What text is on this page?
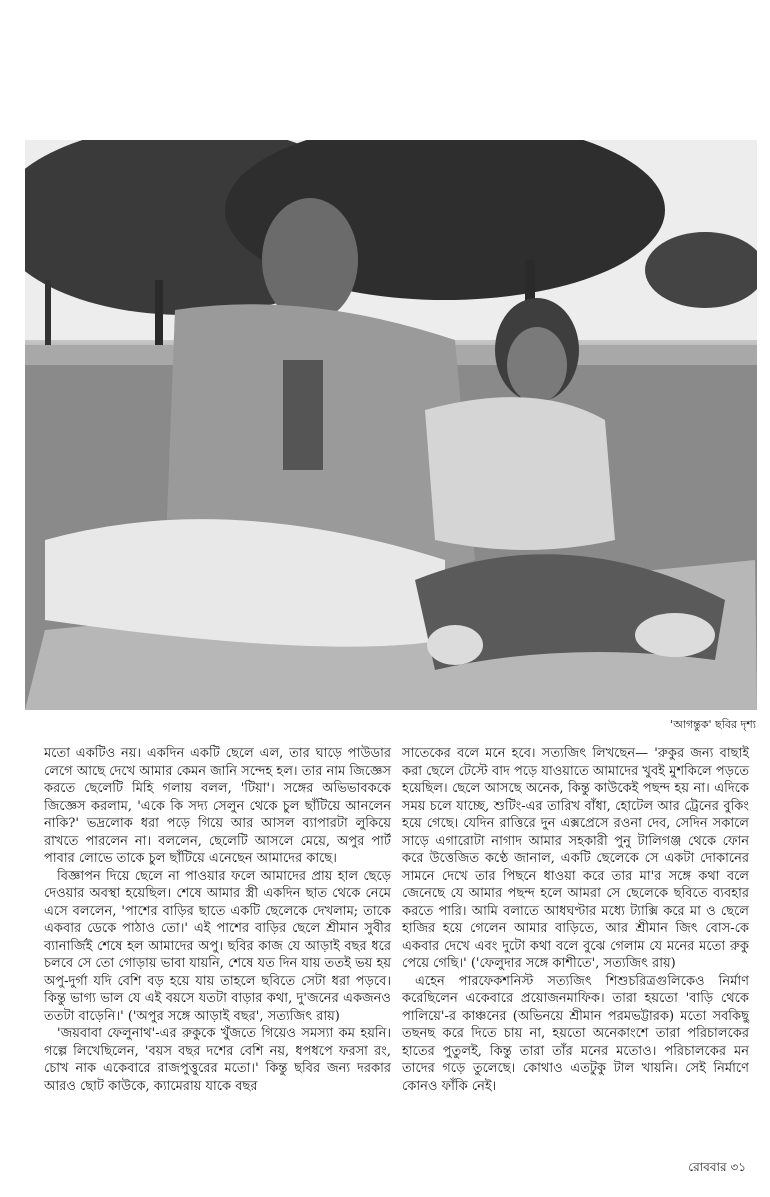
'আগন্তুক' ছবির দৃশ্য

মতো একটিও নয়। একদিন একটি ছেলে এল, তার ঘাড়ে পাউডার লেগে আছে দেখে আমার কেমন জানি সন্দেহ হল। তার নাম জিজ্ঞেস করতে ছেলেটি মিহি গলায় বলল, 'টিয়া'। সঙ্গের অভিভাবককে জিজ্ঞেস করলাম, 'একে কি সদ্য সেলুন থেকে চুল ছাঁটিয়ে আনলেন নাকি?' ভদ্রলোক ধরা পড়ে গিয়ে আর আসল ব্যাপারটা লুকিয়ে রাখতে পারলেন না। বললেন, ছেলেটি আসলে মেয়ে, অপুর পার্ট পাবার লোভে তাকে চুল ছাঁটিয়ে এনেছেন আমাদের কাছে।

বিজ্ঞাপন দিয়ে ছেলে না পাওয়ার ফলে আমাদের প্রায় হাল ছেড়ে দেওয়ার অবস্থা হয়েছিল। শেষে আমার স্ত্রী একদিন ছাত থেকে নেমে এসে বললেন, 'পাশের বাড়ির ছাতে একটি ছেলেকে দেখলাম; তাকে একবার ডেকে পাঠাও তো।' এই পাশের বাড়ির ছেলে শ্রীমান সুবীর ব্যানার্জিই শেষে হল আমাদের অপু। ছবির কাজ যে আড়াই বছর ধরে চলবে সে তো গোড়ায় ভাবা যায়নি, শেষে যত দিন যায় ততই ভয় হয় অপু-দুর্গা যদি বেশি বড় হয়ে যায় তাহলে ছবিতে সেটা ধরা পড়বে। কিন্তু ভাগ্য ভাল যে এই বয়সে যতটা বাড়ার কথা, দু'জনের একজনও ততটা বাড়েনি।' ('অপুর সঙ্গে আড়াই বছর', সত্যজিৎ রায়)

'জয়বাবা ফেলুনাথ'-এর রুকুকে খুঁজতে গিয়েও সমস্যা কম হয়নি। গল্পে লিখেছিলেন, 'বয়স বছর দশের বেশি নয়, ধপধপে ফরসা রং, চোখ নাক একেবারে রাজপুত্তুরের মতো।' কিন্তু ছবির জন্য দরকার আরও ছোট কাউকে, ক্যামেরায় যাকে বছর

সাতেকের বলে মনে হবে। সত্যজিৎ লিখছেন— 'রুকুর জন্য বাছাই করা ছেলে টেস্টে বাদ পড়ে যাওয়াতে আমাদের খুবই মুশকিলে পড়তে হয়েছিল। ছেলে আসছে অনেক, কিন্তু কাউকেই পছন্দ হয় না। এদিকে সময় চলে যাচ্ছে, শুটিং-এর তারিখ বাঁধা, হোটেল আর ট্রেনের বুকিং হয়ে গেছে। যেদিন রাত্তিরে দুন এক্সপ্রেসে রওনা দেব, সেদিন সকালে সাড়ে এগারোটা নাগাদ আমার সহকারী পুনু টালিগঞ্জ থেকে ফোন করে উত্তেজিত কণ্ঠে জানাল, একটি ছেলেকে সে একটা দোকানের সামনে দেখে তার পিছনে ধাওয়া করে তার মা'র সঙ্গে কথা বলে জেনেছে যে আমার পছন্দ হলে আমরা সে ছেলেকে ছবিতে ব্যবহার করতে পারি। আমি বলাতে আধঘণ্টার মধ্যে ট্যাক্সি করে মা ও ছেলে হাজির হয়ে গেলেন আমার বাড়িতে, আর শ্রীমান জিৎ বোস-কে একবার দেখে এবং দুটো কথা বলে বুঝে গেলাম যে মনের মতো রুকু পেয়ে গেছি।' ('ফেলুদার সঙ্গে কাশীতে', সত্যজিৎ রায়)

এহেন পারফেকশনিস্ট সত্যজিৎ শিশুচরিত্রগুলিকেও নির্মাণ করেছিলেন একেবারে প্রয়োজনমাফিক। তারা হয়তো 'বাড়ি থেকে পালিয়ে'-র কাঞ্চনের (অভিনয়ে শ্রীমান পরমভট্টারক) মতো সবকিছু তছনছ করে দিতে চায় না, হয়তো অনেকাংশে তারা পরিচালকের হাতের পুতুলই, কিন্তু তারা তাঁর মনের মতোও। পরিচালকের মন তাদের গড়ে তুলেছে। কোথাও এতটুকু টাল খায়নি। সেই নির্মাণে কোনও ফাঁকি নেই।

রোববার ৩১
